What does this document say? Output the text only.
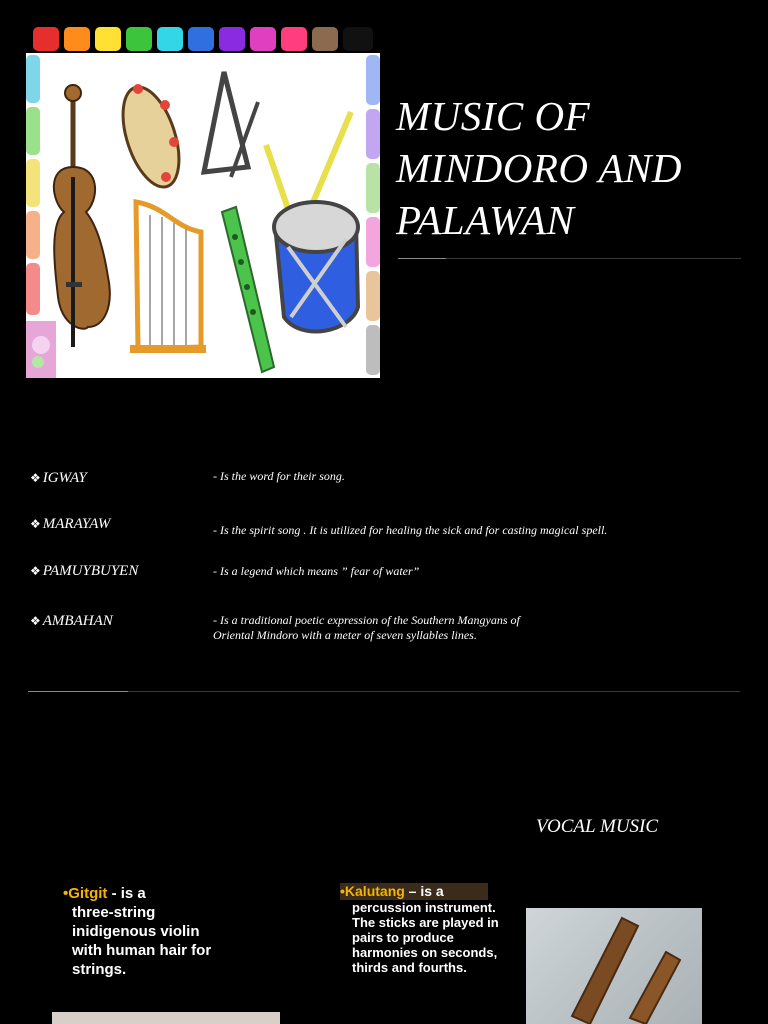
MUSIC OF MINDORO AND PALAWAN
❖ IGWAY	- Is the word for their song.
❖ MARAYAW	- Is the spirit song . It is utilized for healing the sick and for casting magical spell.
❖ PAMUYBUYEN	- Is a legend which means ” fear of water”
❖ AMBAHAN	- Is a traditional poetic expression of the Southern Mangyans of
Oriental Mindoro with a meter of seven syllables lines.
VOCAL MUSIC
•Gitgit - is a
three-string inidigenous violin with human hair for strings.
•Kalutang – is a
percussion instrument. The sticks are played in pairs to produce harmonies on seconds, thirds and fourths.
